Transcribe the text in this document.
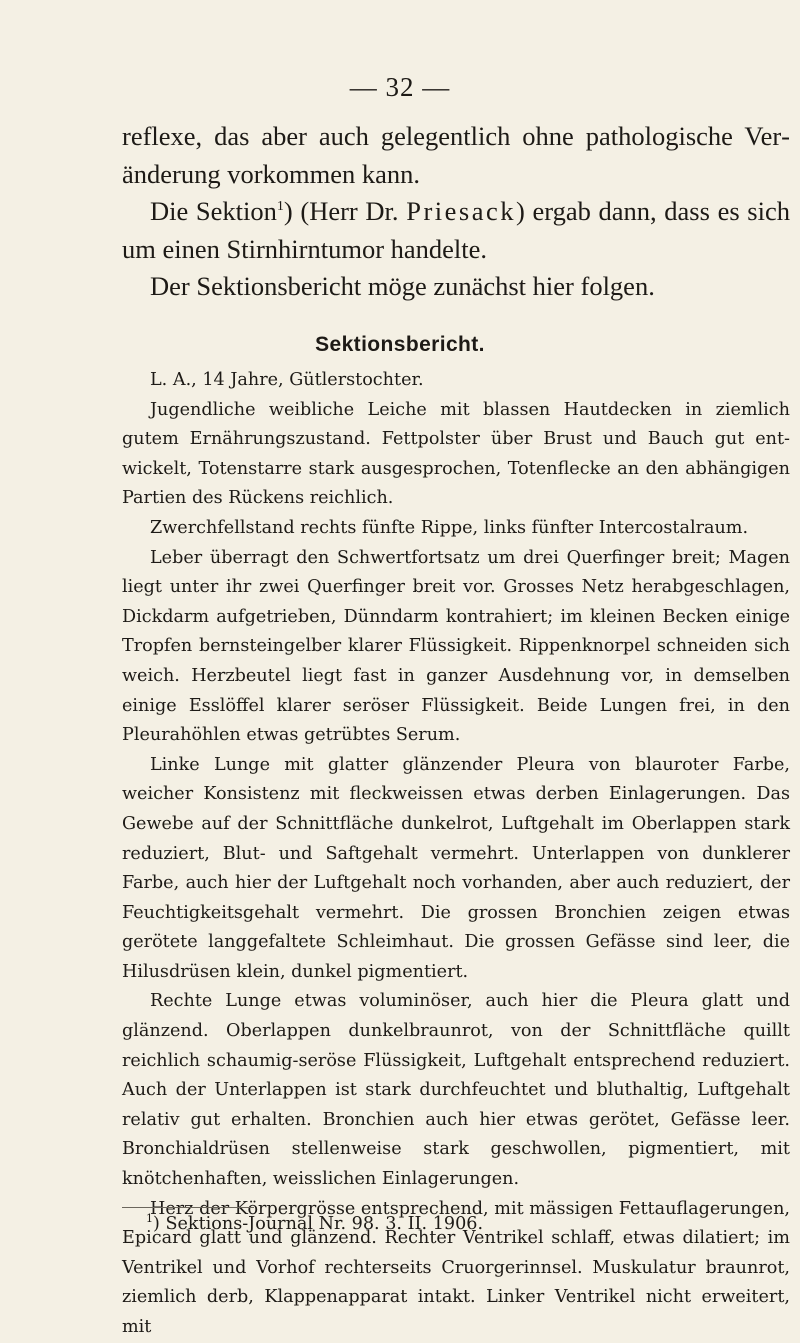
— 32 —

reflexe, das aber auch gelegentlich ohne pathologische Veränderung vorkommen kann.

Die Sektion$^1$) (Herr Dr. Priesack) ergab dann, dass es sich um einen Stirnhirntumor handelte.

Der Sektionsbericht möge zunächst hier folgen.

Sektionsbericht.

L. A., 14 Jahre, Gütlerstochter.

Jugendliche weibliche Leiche mit blassen Hautdecken in ziemlich gutem Ernährungszustand. Fettpolster über Brust und Bauch gut entwickelt, Totenstarre stark ausgesprochen, Totenflecke an den abhängigen Partien des Rückens reichlich.

Zwerchfellstand rechts fünfte Rippe, links fünfter Intercostalraum.

Leber überragt den Schwertfortsatz um drei Querfinger breit; Magen liegt unter ihr zwei Querfinger breit vor. Grosses Netz herabgeschlagen, Dickdarm aufgetrieben, Dünndarm kontrahiert; im kleinen Becken einige Tropfen bernsteingelber klarer Flüssigkeit. Rippenknorpel schneiden sich weich. Herzbeutel liegt fast in ganzer Ausdehnung vor, in demselben einige Esslöffel klarer seröser Flüssigkeit. Beide Lungen frei, in den Pleurahöhlen etwas getrübtes Serum.

Linke Lunge mit glatter glänzender Pleura von blauroter Farbe, weicher Konsistenz mit fleckweissen etwas derben Einlagerungen. Das Gewebe auf der Schnittfläche dunkelrot, Luftgehalt im Oberlappen stark reduziert, Blut- und Saftgehalt vermehrt. Unterlappen von dunklerer Farbe, auch hier der Luftgehalt noch vorhanden, aber auch reduziert, der Feuchtigkeitsgehalt vermehrt. Die grossen Bronchien zeigen etwas gerötete langgefaltete Schleimhaut. Die grossen Gefässe sind leer, die Hilusdrüsen klein, dunkel pigmentiert.

Rechte Lunge etwas voluminöser, auch hier die Pleura glatt und glänzend. Oberlappen dunkelbraunrot, von der Schnittfläche quillt reichlich schaumig-seröse Flüssigkeit, Luftgehalt entsprechend reduziert. Auch der Unterlappen ist stark durchfeuchtet und bluthaltig, Luftgehalt relativ gut erhalten. Bronchien auch hier etwas gerötet, Gefässe leer. Bronchialdrüsen stellenweise stark geschwollen, pigmentiert, mit knötchenhaften, weisslichen Einlagerungen.

Herz der Körpergrösse entsprechend, mit mässigen Fettauflagerungen, Epicard glatt und glänzend. Rechter Ventrikel schlaff, etwas dilatiert; im Ventrikel und Vorhof rechterseits Cruorgerinnsel. Muskulatur braunrot, ziemlich derb, Klappenapparat intakt. Linker Ventrikel nicht erweitert, mit

$^1$) Sektions-Journal Nr. 98. 3. II. 1906.
